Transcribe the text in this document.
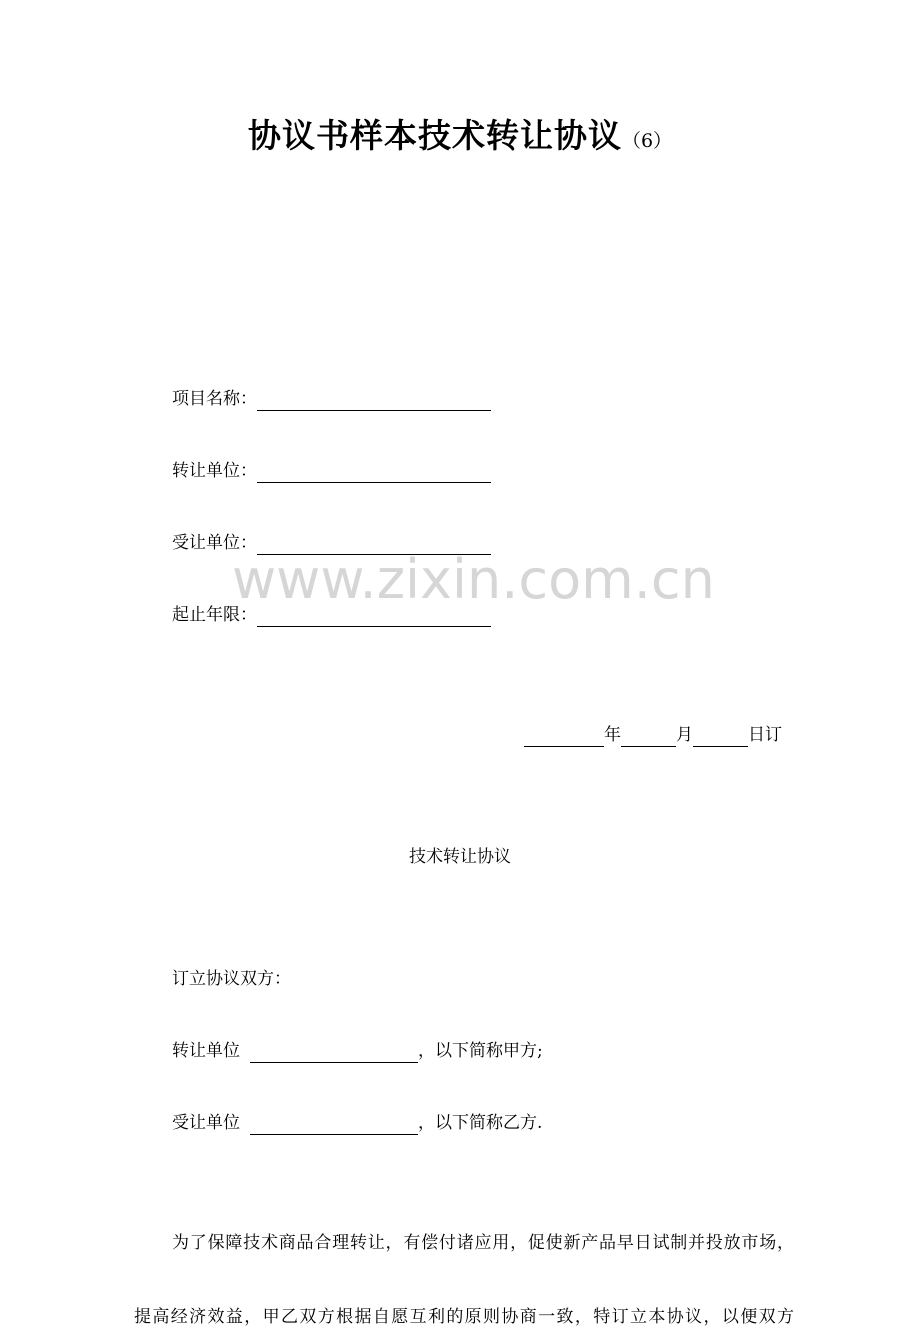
www.zixin.com.cn
协议书样本技术转让协议（6）
项目名称：
转让单位：
受让单位：
起止年限：
年	月	日订
技术转让协议
订立协议双方：
转让单位	，以下简称甲方;
受让单位	，以下简称乙方.
为了保障技术商品合理转让，有偿付诸应用，促使新产品早日试制并投放市场，
提高经济效益，甲乙双方根据自愿互利的原则协商一致，特订立本协议，以便双方
